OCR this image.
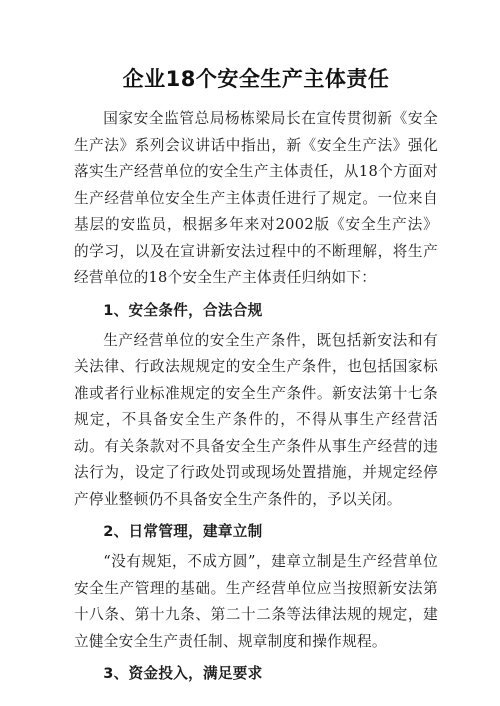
企业18个安全生产主体责任

国家安全监管总局杨栋梁局长在宣传贯彻新《安全生产法》系列会议讲话中指出，新《安全生产法》强化落实生产经营单位的安全生产主体责任，从18个方面对生产经营单位安全生产主体责任进行了规定。一位来自基层的安监员，根据多年来对2002版《安全生产法》的学习，以及在宣讲新安法过程中的不断理解，将生产经营单位的18个安全生产主体责任归纳如下：

1、安全条件，合法合规

生产经营单位的安全生产条件，既包括新安法和有关法律、行政法规规定的安全生产条件，也包括国家标准或者行业标准规定的安全生产条件。新安法第十七条规定，不具备安全生产条件的，不得从事生产经营活动。有关条款对不具备安全生产条件从事生产经营的违法行为，设定了行政处罚或现场处置措施，并规定经停产停业整顿仍不具备安全生产条件的，予以关闭。

2、日常管理，建章立制

“没有规矩，不成方圆”，建章立制是生产经营单位安全生产管理的基础。生产经营单位应当按照新安法第十八条、第十九条、第二十二条等法律法规的规定，建立健全安全生产责任制、规章制度和操作规程。

3、资金投入，满足要求
